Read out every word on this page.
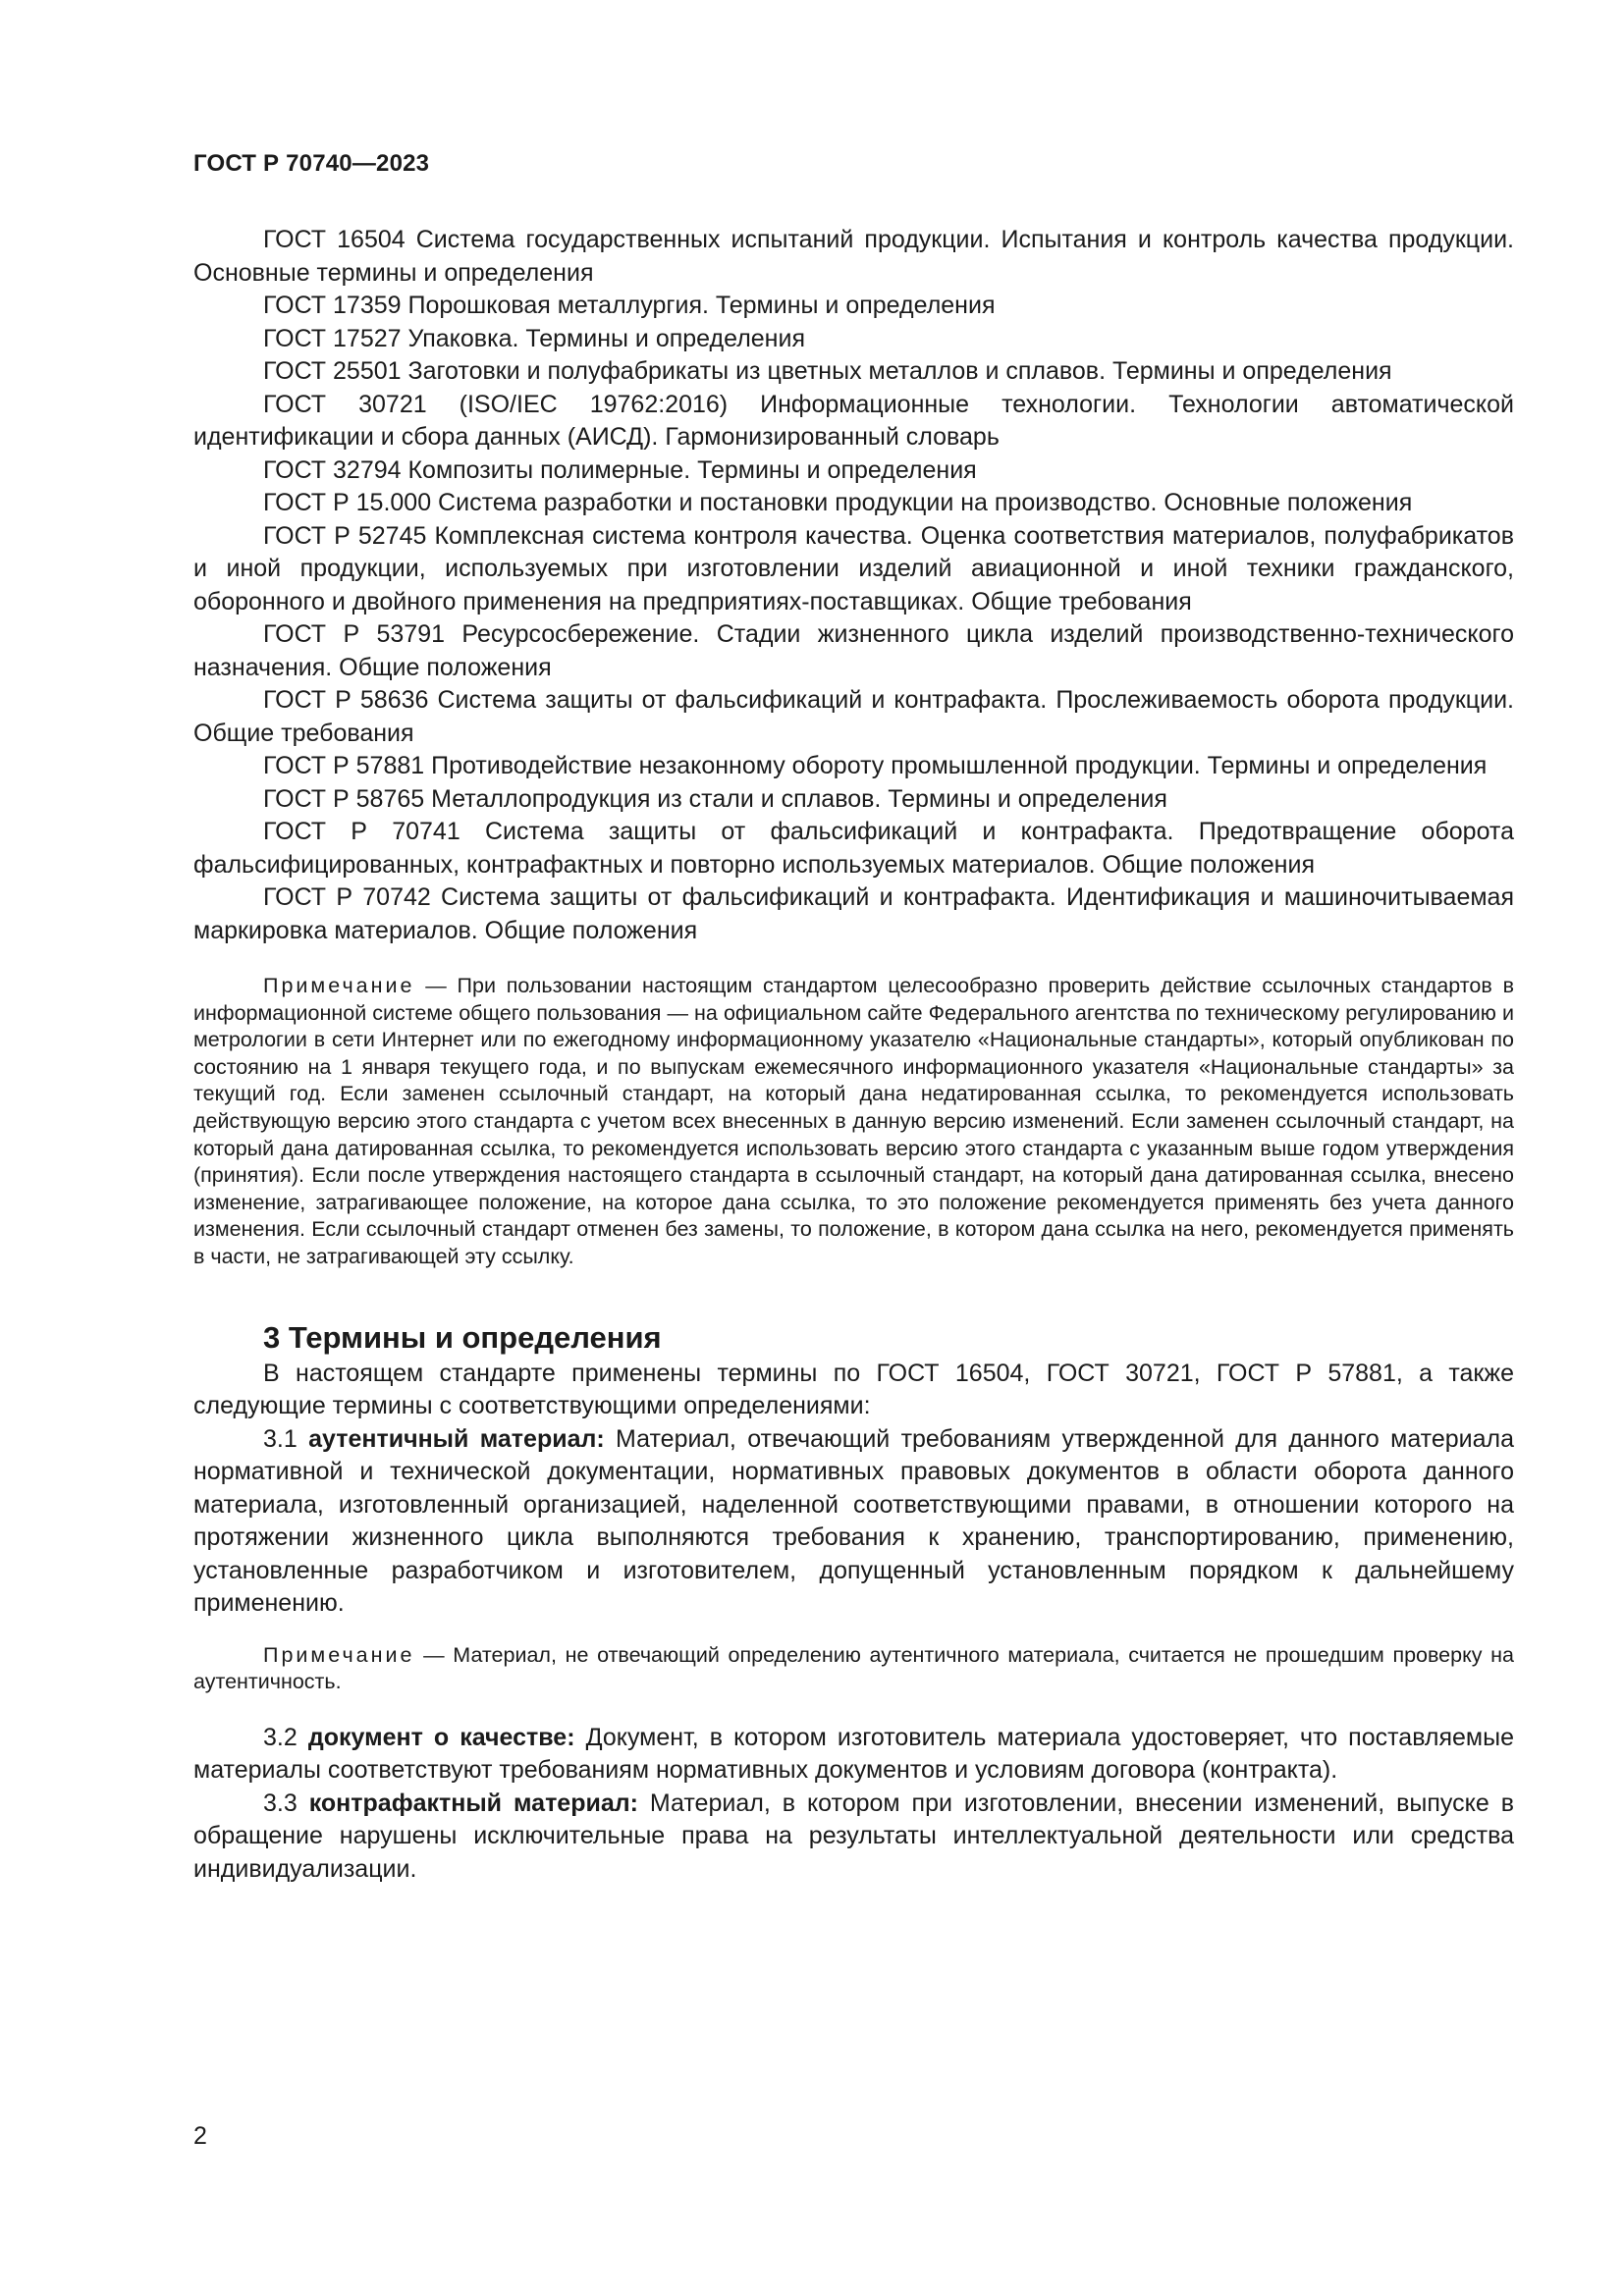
ГОСТ Р 70740—2023

ГОСТ 16504 Система государственных испытаний продукции. Испытания и контроль качества продукции. Основные термины и определения

ГОСТ 17359 Порошковая металлургия. Термины и определения

ГОСТ 17527 Упаковка. Термины и определения

ГОСТ 25501 Заготовки и полуфабрикаты из цветных металлов и сплавов. Термины и определения

ГОСТ 30721 (ISO/IEC 19762:2016) Информационные технологии. Технологии автоматической идентификации и сбора данных (АИСД). Гармонизированный словарь

ГОСТ 32794 Композиты полимерные. Термины и определения

ГОСТ Р 15.000 Система разработки и постановки продукции на производство. Основные положения

ГОСТ Р 52745 Комплексная система контроля качества. Оценка соответствия материалов, полуфабрикатов и иной продукции, используемых при изготовлении изделий авиационной и иной техники гражданского, оборонного и двойного применения на предприятиях-поставщиках. Общие требования

ГОСТ Р 53791 Ресурсосбережение. Стадии жизненного цикла изделий производственно-технического назначения. Общие положения

ГОСТ Р 58636 Система защиты от фальсификаций и контрафакта. Прослеживаемость оборота продукции. Общие требования

ГОСТ Р 57881 Противодействие незаконному обороту промышленной продукции. Термины и определения

ГОСТ Р 58765 Металлопродукция из стали и сплавов. Термины и определения

ГОСТ Р 70741 Система защиты от фальсификаций и контрафакта. Предотвращение оборота фальсифицированных, контрафактных и повторно используемых материалов. Общие положения

ГОСТ Р 70742 Система защиты от фальсификаций и контрафакта. Идентификация и машиночитываемая маркировка материалов. Общие положения

Примечание — При пользовании настоящим стандартом целесообразно проверить действие ссылочных стандартов в информационной системе общего пользования — на официальном сайте Федерального агентства по техническому регулированию и метрологии в сети Интернет или по ежегодному информационному указателю «Национальные стандарты», который опубликован по состоянию на 1 января текущего года, и по выпускам ежемесячного информационного указателя «Национальные стандарты» за текущий год. Если заменен ссылочный стандарт, на который дана недатированная ссылка, то рекомендуется использовать действующую версию этого стандарта с учетом всех внесенных в данную версию изменений. Если заменен ссылочный стандарт, на который дана датированная ссылка, то рекомендуется использовать версию этого стандарта с указанным выше годом утверждения (принятия). Если после утверждения настоящего стандарта в ссылочный стандарт, на который дана датированная ссылка, внесено изменение, затрагивающее положение, на которое дана ссылка, то это положение рекомендуется применять без учета данного изменения. Если ссылочный стандарт отменен без замены, то положение, в котором дана ссылка на него, рекомендуется применять в части, не затрагивающей эту ссылку.

3 Термины и определения

В настоящем стандарте применены термины по ГОСТ 16504, ГОСТ 30721, ГОСТ Р 57881, а также следующие термины с соответствующими определениями:

3.1 аутентичный материал: Материал, отвечающий требованиям утвержденной для данного материала нормативной и технической документации, нормативных правовых документов в области оборота данного материала, изготовленный организацией, наделенной соответствующими правами, в отношении которого на протяжении жизненного цикла выполняются требования к хранению, транспортированию, применению, установленные разработчиком и изготовителем, допущенный установленным порядком к дальнейшему применению.

Примечание — Материал, не отвечающий определению аутентичного материала, считается не прошедшим проверку на аутентичность.

3.2 документ о качестве: Документ, в котором изготовитель материала удостоверяет, что поставляемые материалы соответствуют требованиям нормативных документов и условиям договора (контракта).

3.3 контрафактный материал: Материал, в котором при изготовлении, внесении изменений, выпуске в обращение нарушены исключительные права на результаты интеллектуальной деятельности или средства индивидуализации.

2
